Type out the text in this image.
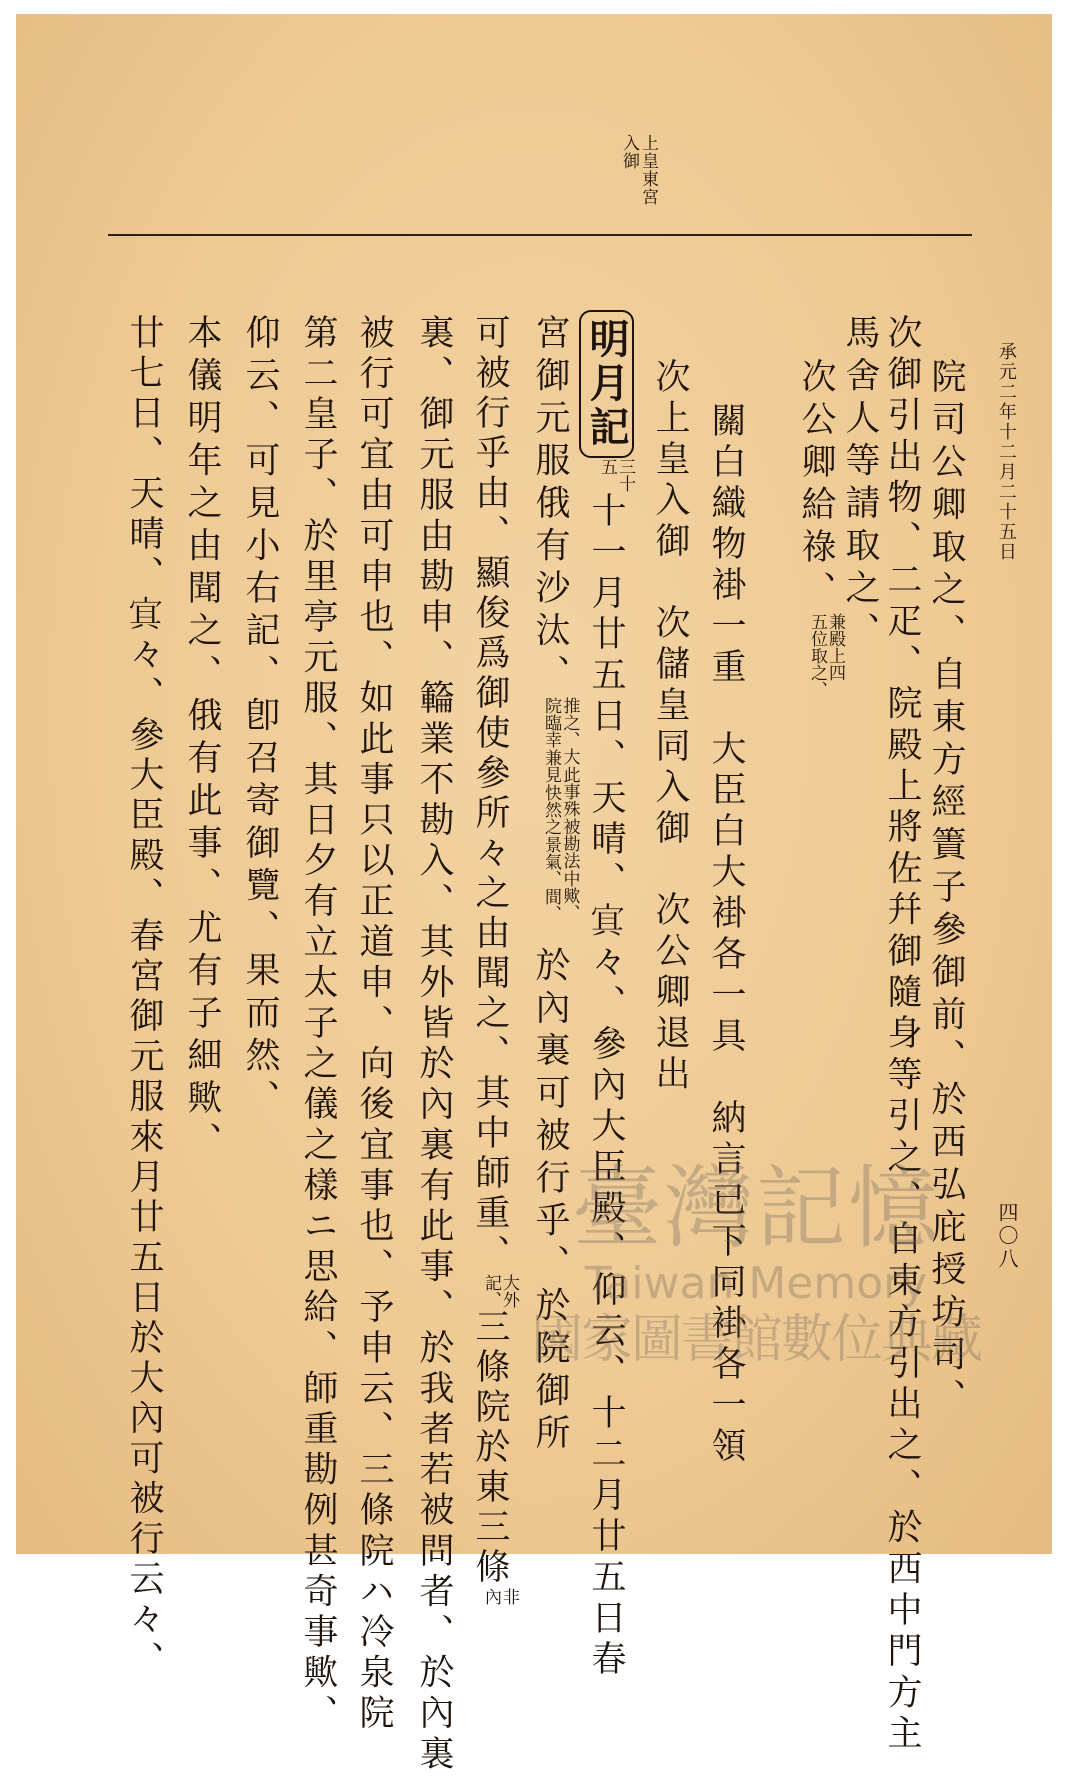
承元二年十二月二十五日
四〇八
入御 上皇東宮
院司公卿取之、自東方經簀子參御前、於西弘庇授坊司、
次御引出物、二疋、院殿上將佐幷御隨身等引之、自東方引出之、於西中門方主
馬舍人等請取之、
次公卿給祿、
兼殿上四
五位取之、
關白織物褂一重　大臣白大褂各一具　納言已下同褂各一領
次上皇入御　次儲皇同入御　次公卿退出
明月記
三十
五
十一月廿五日、天晴、𡨋々、參內大臣殿、仰云、十二月廿五日春
宮御元服俄有沙汰、
推之、大
此事殊
被勘法
中歟、
院臨幸
兼見
快然之
景氣、
間、
於內裏可被行乎、於院御所
可被行乎由、顯俊爲御使參所々之由聞之、其中師重、
大外
記、
三條院於東三條
非
內
裏、御元服由勘申、𥶡業不勘入、其外皆於內裏有此事、於我者若被問者、於內裏
被行可宜由可申也、如此事只以正道申、向後宜事也、予申云、三條院ハ冷泉院
第二皇子、於里亭元服、其日夕有立太子之儀之樣ニ思給、師重勘例甚奇事歟、
仰云、可見小右記、卽召寄御覽、果而然、
本儀明年之由聞之、俄有此事、尤有子細歟、
廿七日、天晴、𡨋々、參大臣殿、春宮御元服來月廿五日於大內可被行云々、	臺灣記憶
Taiwan Memory
國家圖書館數位典藏
